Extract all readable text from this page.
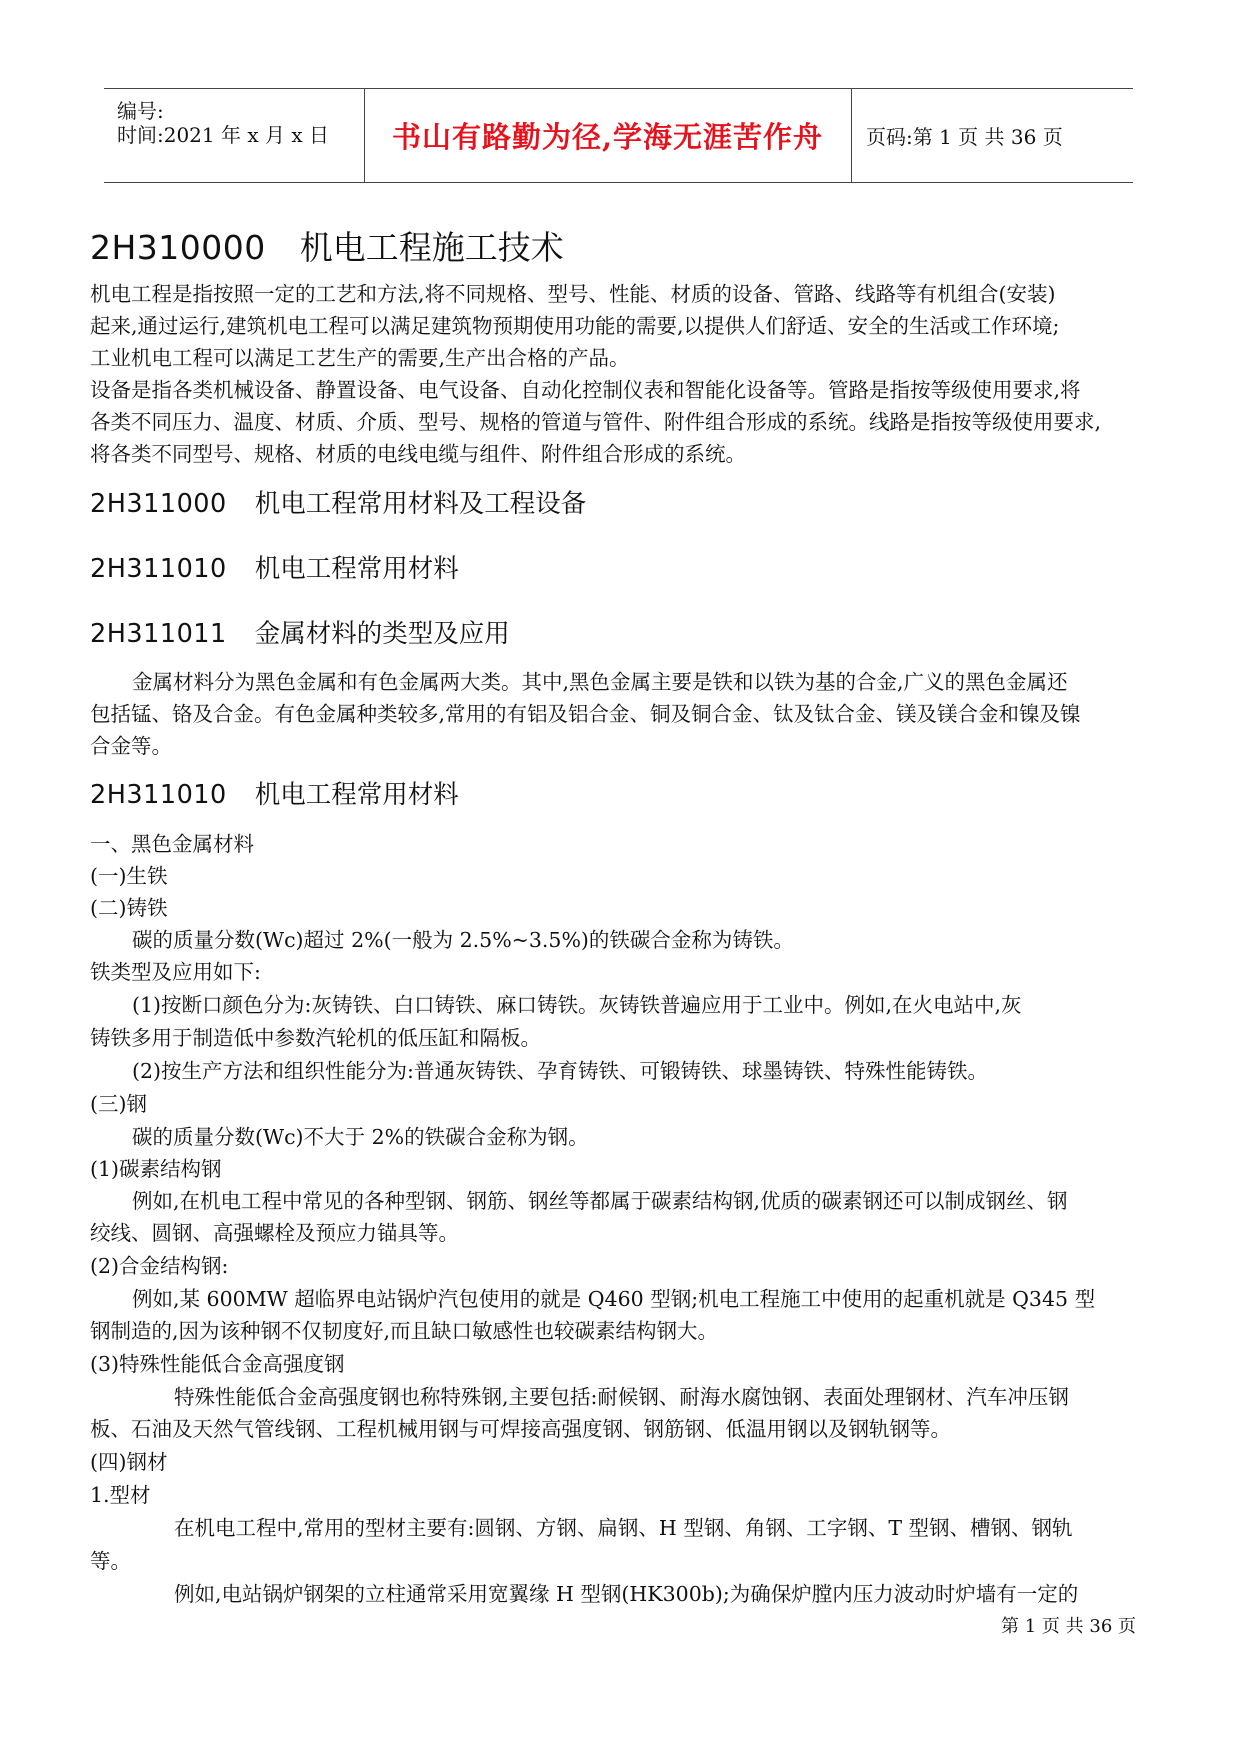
编号:
时间:2021 年 x 月 x 日 书山有路勤为径,学海无涯苦作舟 页码:第 1 页 共 36 页
2H310000 机电工程施工技术
机电工程是指按照一定的工艺和方法,将不同规格、型号、性能、材质的设备、管路、线路等有机组合(安装)
起来,通过运行,建筑机电工程可以满足建筑物预期使用功能的需要,以提供人们舒适、安全的生活或工作环境;
工业机电工程可以满足工艺生产的需要,生产出合格的产品。
设备是指各类机械设备、静置设备、电气设备、自动化控制仪表和智能化设备等。管路是指按等级使用要求,将
各类不同压力、温度、材质、介质、型号、规格的管道与管件、附件组合形成的系统。线路是指按等级使用要求,
将各类不同型号、规格、材质的电线电缆与组件、附件组合形成的系统。
2H311000 机电工程常用材料及工程设备
2H311010 机电工程常用材料
2H311011 金属材料的类型及应用
金属材料分为黑色金属和有色金属两大类。其中,黑色金属主要是铁和以铁为基的合金,广义的黑色金属还
包括锰、铬及合金。有色金属种类较多,常用的有铝及铝合金、铜及铜合金、钛及钛合金、镁及镁合金和镍及镍
合金等。
2H311010 机电工程常用材料
一、黑色金属材料
(一)生铁
(二)铸铁
碳的质量分数(Wc)超过 2%(一般为 2.5%~3.5%)的铁碳合金称为铸铁。
铁类型及应用如下:
(1)按断口颜色分为:灰铸铁、白口铸铁、麻口铸铁。灰铸铁普遍应用于工业中。例如,在火电站中,灰
铸铁多用于制造低中参数汽轮机的低压缸和隔板。
(2)按生产方法和组织性能分为:普通灰铸铁、孕育铸铁、可锻铸铁、球墨铸铁、特殊性能铸铁。
(三)钢
碳的质量分数(Wc)不大于 2%的铁碳合金称为钢。
(1)碳素结构钢
例如,在机电工程中常见的各种型钢、钢筋、钢丝等都属于碳素结构钢,优质的碳素钢还可以制成钢丝、钢
绞线、圆钢、高强螺栓及预应力锚具等。
(2)合金结构钢:
例如,某 600MW 超临界电站锅炉汽包使用的就是 Q460 型钢;机电工程施工中使用的起重机就是 Q345 型
钢制造的,因为该种钢不仅韧度好,而且缺口敏感性也较碳素结构钢大。
(3)特殊性能低合金高强度钢
特殊性能低合金高强度钢也称特殊钢,主要包括:耐候钢、耐海水腐蚀钢、表面处理钢材、汽车冲压钢
板、石油及天然气管线钢、工程机械用钢与可焊接高强度钢、钢筋钢、低温用钢以及钢轨钢等。
(四)钢材
1.型材
在机电工程中,常用的型材主要有:圆钢、方钢、扁钢、H 型钢、角钢、工字钢、T 型钢、槽钢、钢轨
等。
例如,电站锅炉钢架的立柱通常采用宽翼缘 H 型钢(HK300b);为确保炉膛内压力波动时炉墙有一定的
第 1 页 共 36 页
